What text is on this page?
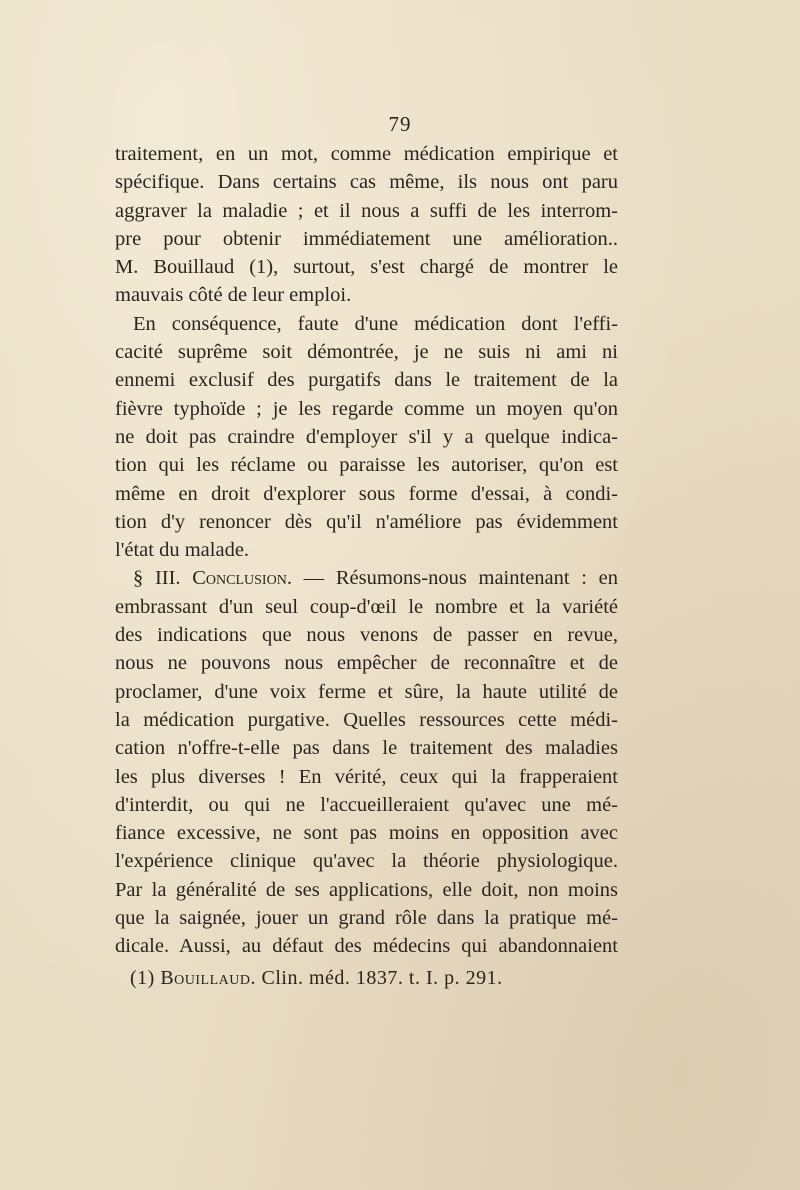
79
traitement, en un mot, comme médication empirique et
spécifique. Dans certains cas même, ils nous ont paru
aggraver la maladie ; et il nous a suffi de les interrom-
pre pour obtenir immédiatement une amélioration..
M. Bouillaud (1), surtout, s'est chargé de montrer le
mauvais côté de leur emploi.
En conséquence, faute d'une médication dont l'effi-
cacité suprême soit démontrée, je ne suis ni ami ni
ennemi exclusif des purgatifs dans le traitement de la
fièvre typhoïde ; je les regarde comme un moyen qu'on
ne doit pas craindre d'employer s'il y a quelque indica-
tion qui les réclame ou paraisse les autoriser, qu'on est
même en droit d'explorer sous forme d'essai, à condi-
tion d'y renoncer dès qu'il n'améliore pas évidemment
l'état du malade.
§ III. Conclusion. — Résumons-nous maintenant : en
embrassant d'un seul coup-d'œil le nombre et la variété
des indications que nous venons de passer en revue,
nous ne pouvons nous empêcher de reconnaître et de
proclamer, d'une voix ferme et sûre, la haute utilité de
la médication purgative. Quelles ressources cette médi-
cation n'offre-t-elle pas dans le traitement des maladies
les plus diverses ! En vérité, ceux qui la frapperaient
d'interdit, ou qui ne l'accueilleraient qu'avec une mé-
fiance excessive, ne sont pas moins en opposition avec
l'expérience clinique qu'avec la théorie physiologique.
Par la généralité de ses applications, elle doit, non moins
que la saignée, jouer un grand rôle dans la pratique mé-
dicale. Aussi, au défaut des médecins qui abandonnaient
(1) Bouillaud. Clin. méd. 1837. t. I. p. 291.
